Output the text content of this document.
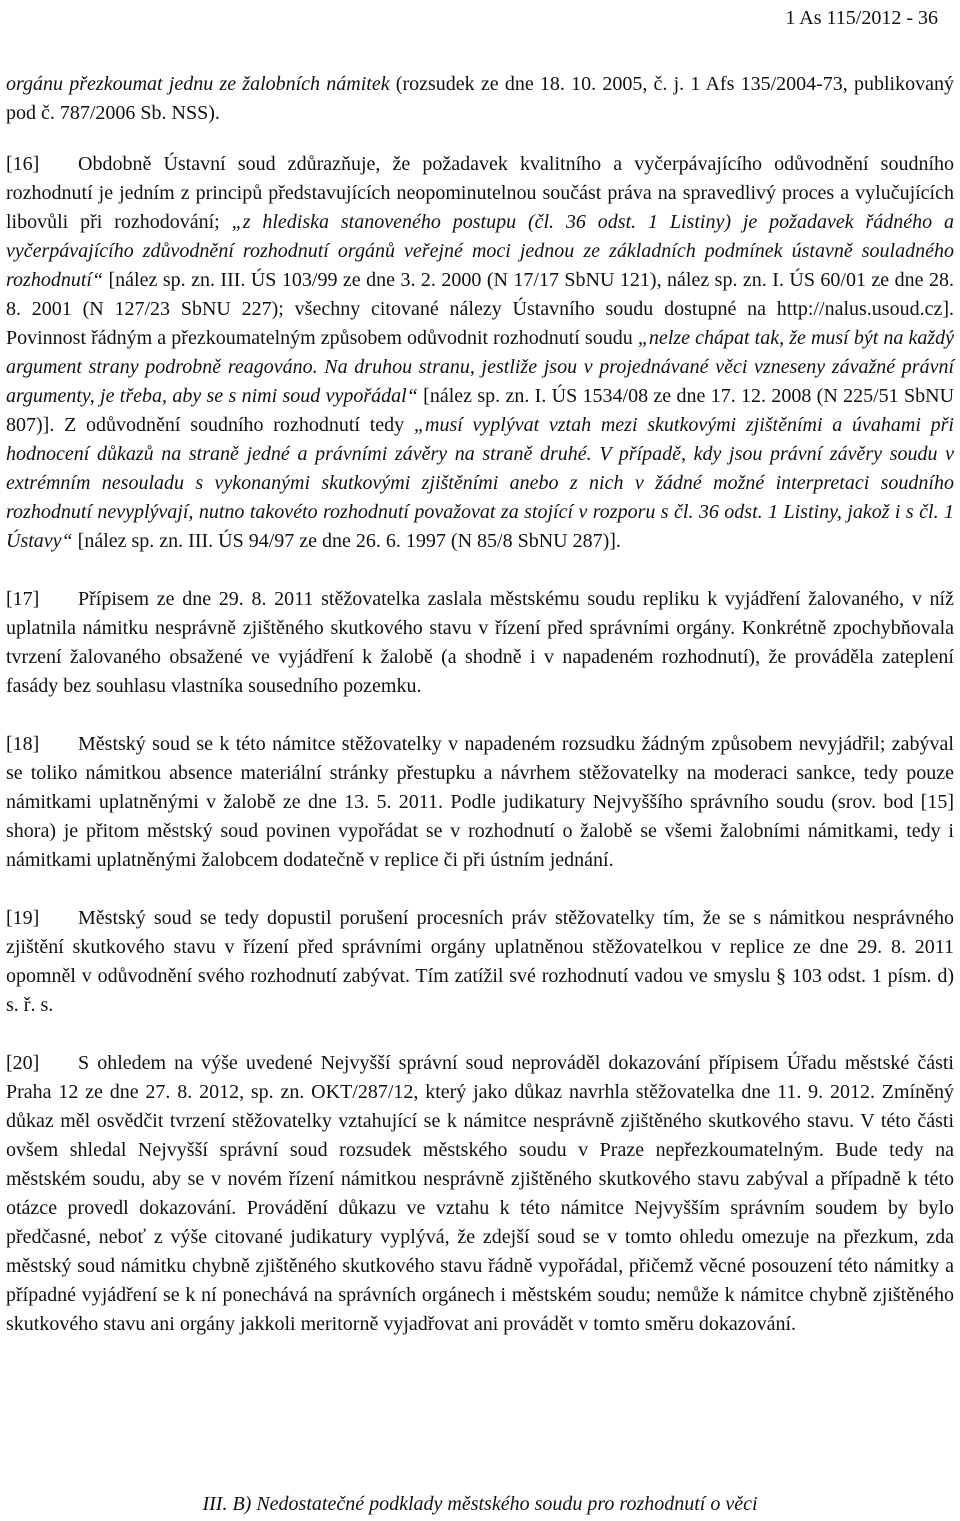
1 As 115/2012 - 36

orgánu přezkoumat jednu ze žalobních námitek (rozsudek ze dne 18. 10. 2005, č. j. 1 Afs 135/2004-73, publikovaný pod č. 787/2006 Sb. NSS).

[16] Obdobně Ústavní soud zdůrazňuje, že požadavek kvalitního a vyčerpávajícího odůvodnění soudního rozhodnutí je jedním z principů představujících neopominutelnou součást práva na spravedlivý proces a vylučujících libovůli při rozhodování; „z hlediska stanoveného postupu (čl. 36 odst. 1 Listiny) je požadavek řádného a vyčerpávajícího zdůvodnění rozhodnutí orgánů veřejné moci jednou ze základních podmínek ústavně souladného rozhodnutí“ [nález sp. zn. III. ÚS 103/99 ze dne 3. 2. 2000 (N 17/17 SbNU 121), nález sp. zn. I. ÚS 60/01 ze dne 28. 8. 2001 (N 127/23 SbNU 227); všechny citované nálezy Ústavního soudu dostupné na http://nalus.usoud.cz]. Povinnost řádným a přezkoumatelným způsobem odůvodnit rozhodnutí soudu „nelze chápat tak, že musí být na každý argument strany podrobně reagováno. Na druhou stranu, jestliže jsou v projednávané věci vzneseny závažné právní argumenty, je třeba, aby se s nimi soud vypořádal“ [nález sp. zn. I. ÚS 1534/08 ze dne 17. 12. 2008 (N 225/51 SbNU 807)]. Z odůvodnění soudního rozhodnutí tedy „musí vyplývat vztah mezi skutkovými zjištěními a úvahami při hodnocení důkazů na straně jedné a právními závěry na straně druhé. V případě, kdy jsou právní závěry soudu v extrémním nesouladu s vykonanými skutkovými zjištěními anebo z nich v žádné možné interpretaci soudního rozhodnutí nevyplývají, nutno takovéto rozhodnutí považovat za stojící v rozporu s čl. 36 odst. 1 Listiny, jakož i s čl. 1 Ústavy“ [nález sp. zn. III. ÚS 94/97 ze dne 26. 6. 1997 (N 85/8 SbNU 287)].

[17] Přípisem ze dne 29. 8. 2011 stěžovatelka zaslala městskému soudu repliku k vyjádření žalovaného, v níž uplatnila námitku nesprávně zjištěného skutkového stavu v řízení před správními orgány. Konkrétně zpochybňovala tvrzení žalovaného obsažené ve vyjádření k žalobě (a shodně i v napadeném rozhodnutí), že prováděla zateplení fasády bez souhlasu vlastníka sousedního pozemku.

[18] Městský soud se k této námitce stěžovatelky v napadeném rozsudku žádným způsobem nevyjádřil; zabýval se toliko námitkou absence materiální stránky přestupku a návrhem stěžovatelky na moderaci sankce, tedy pouze námitkami uplatněnými v žalobě ze dne 13. 5. 2011. Podle judikatury Nejvyššího správního soudu (srov. bod [15] shora) je přitom městský soud povinen vypořádat se v rozhodnutí o žalobě se všemi žalobními námitkami, tedy i námitkami uplatněnými žalobcem dodatečně v replice či při ústním jednání.

[19] Městský soud se tedy dopustil porušení procesních práv stěžovatelky tím, že se s námitkou nesprávného zjištění skutkového stavu v řízení před správními orgány uplatněnou stěžovatelkou v replice ze dne 29. 8. 2011 opomněl v odůvodnění svého rozhodnutí zabývat. Tím zatížil své rozhodnutí vadou ve smyslu § 103 odst. 1 písm. d) s. ř. s.

[20] S ohledem na výše uvedené Nejvyšší správní soud neprováděl dokazování přípisem Úřadu městské části Praha 12 ze dne 27. 8. 2012, sp. zn. OKT/287/12, který jako důkaz navrhla stěžovatelka dne 11. 9. 2012. Zmíněný důkaz měl osvědčit tvrzení stěžovatelky vztahující se k námitce nesprávně zjištěného skutkového stavu. V této části ovšem shledal Nejvyšší správní soud rozsudek městského soudu v Praze nepřezkoumatelným. Bude tedy na městském soudu, aby se v novém řízení námitkou nesprávně zjištěného skutkového stavu zabýval a případně k této otázce provedl dokazování. Provádění důkazu ve vztahu k této námitce Nejvyšším správním soudem by bylo předčasné, neboť z výše citované judikatury vyplývá, že zdejší soud se v tomto ohledu omezuje na přezkum, zda městský soud námitku chybně zjištěného skutkového stavu řádně vypořádal, přičemž věcné posouzení této námitky a případné vyjádření se k ní ponechává na správních orgánech i městském soudu; nemůže k námitce chybně zjištěného skutkového stavu ani orgány jakkoli meritorně vyjadřovat ani provádět v tomto směru dokazování.

III. B) Nedostatečné podklady městského soudu pro rozhodnutí o věci
